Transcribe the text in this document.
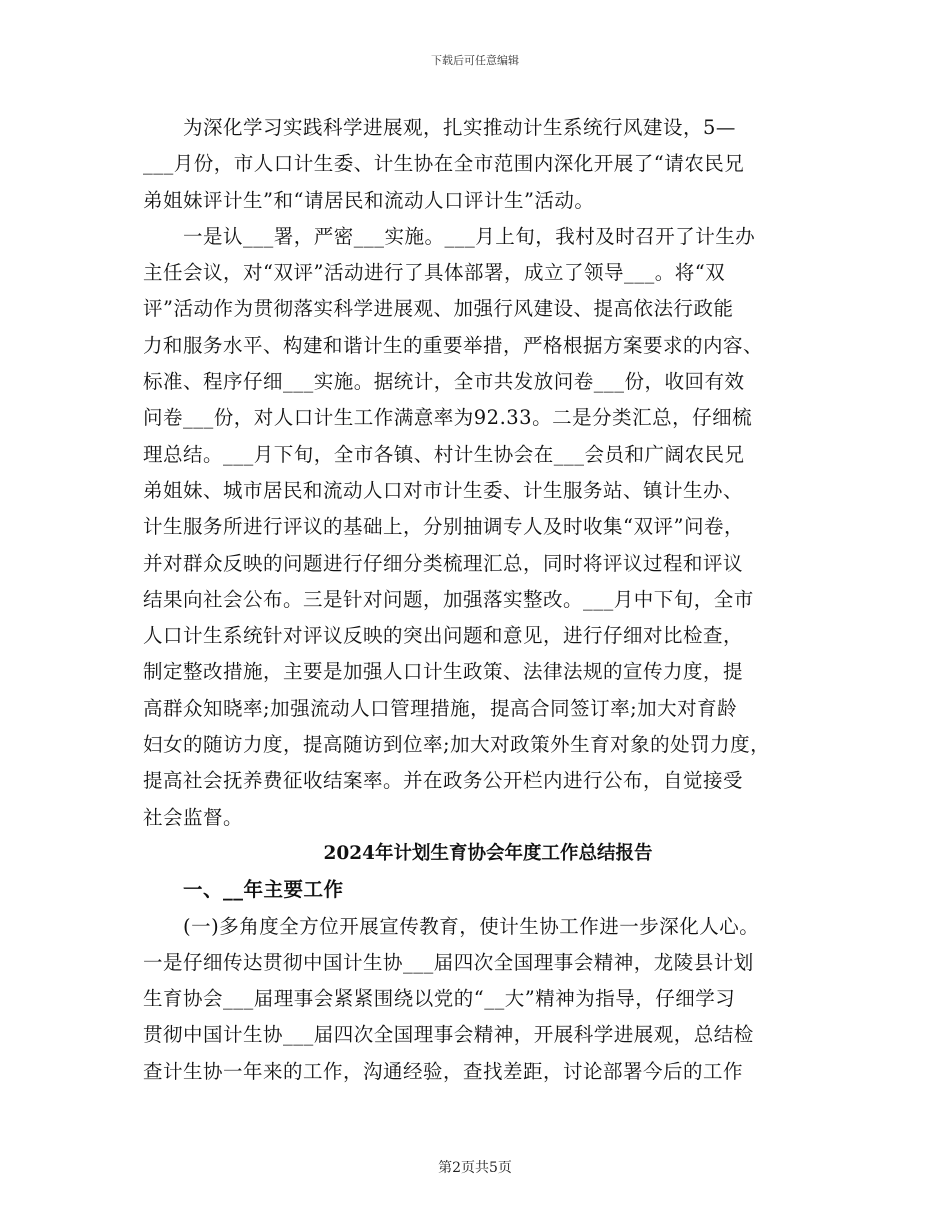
下载后可任意编辑
为深化学习实践科学进展观，扎实推动计生系统行风建设，5—
___月份，市人口计生委、计生协在全市范围内深化开展了“请农民兄
弟姐妹评计生”和“请居民和流动人口评计生”活动。
一是认___署，严密___实施。___月上旬，我村及时召开了计生办
主任会议，对“双评”活动进行了具体部署，成立了领导___。将“双
评”活动作为贯彻落实科学进展观、加强行风建设、提高依法行政能
力和服务水平、构建和谐计生的重要举措，严格根据方案要求的内容、
标准、程序仔细___实施。据统计，全市共发放问卷___份，收回有效
问卷___份，对人口计生工作满意率为92.33。二是分类汇总，仔细梳
理总结。___月下旬，全市各镇、村计生协会在___会员和广阔农民兄
弟姐妹、城市居民和流动人口对市计生委、计生服务站、镇计生办、
计生服务所进行评议的基础上，分别抽调专人及时收集“双评”问卷，
并对群众反映的问题进行仔细分类梳理汇总，同时将评议过程和评议
结果向社会公布。三是针对问题，加强落实整改。___月中下旬，全市
人口计生系统针对评议反映的突出问题和意见，进行仔细对比检查，
制定整改措施，主要是加强人口计生政策、法律法规的宣传力度，提
高群众知晓率;加强流动人口管理措施，提高合同签订率;加大对育龄
妇女的随访力度，提高随访到位率;加大对政策外生育对象的处罚力度，
提高社会抚养费征收结案率。并在政务公开栏内进行公布，自觉接受
社会监督。
2024年计划生育协会年度工作总结报告
一、__年主要工作
(一)多角度全方位开展宣传教育，使计生协工作进一步深化人心。
一是仔细传达贯彻中国计生协___届四次全国理事会精神，龙陵县计划
生育协会___届理事会紧紧围绕以党的“__大”精神为指导，仔细学习
贯彻中国计生协___届四次全国理事会精神，开展科学进展观，总结检
查计生协一年来的工作，沟通经验，查找差距，讨论部署今后的工作
第2页共5页
